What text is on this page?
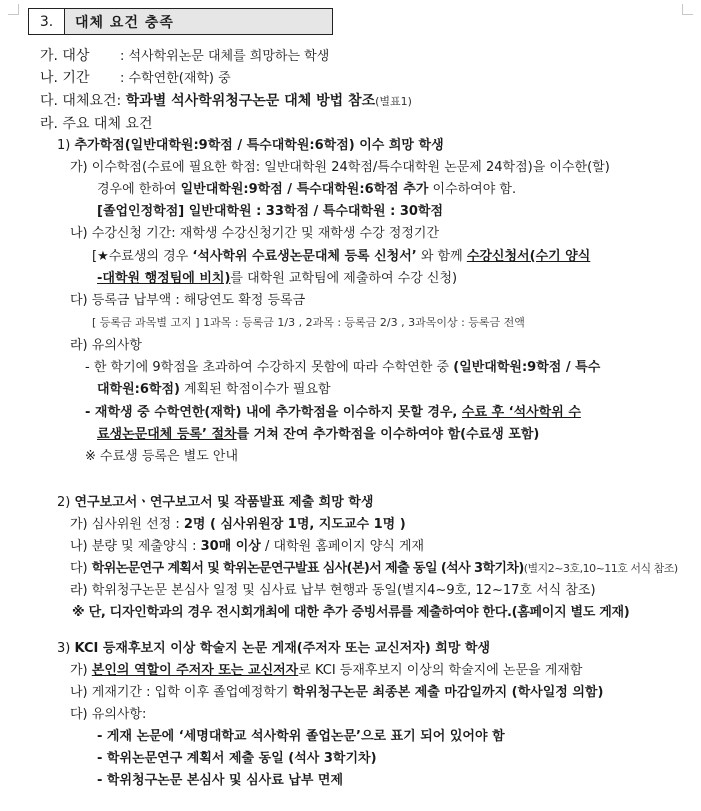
3.	대체 요건 충족
가. 대상 : 석사학위논문 대체를 희망하는 학생
나. 기간 : 수학연한(재학) 중
다. 대체요건: 학과별 석사학위청구논문 대체 방법 참조(별표1)
라. 주요 대체 요건
1) 추가학점(일반대학원:9학점 / 특수대학원:6학점) 이수 희망 학생
가) 이수학점(수료에 필요한 학점: 일반대학원 24학점/특수대학원 논문제 24학점)을 이수한(할)
경우에 한하여 일반대학원:9학점 / 특수대학원:6학점 추가 이수하여야 함.
[졸업인정학점] 일반대학원 : 33학점 / 특수대학원 : 30학점
나) 수강신청 기간: 재학생 수강신청기간 및 재학생 수강 정정기간
[★수료생의 경우 ‘석사학위 수료생논문대체 등록 신청서’ 와 함께 수강신청서(수기 양식
-대학원 행정팀에 비치)를 대학원 교학팀에 제출하여 수강 신청)
다) 등록금 납부액 : 해당연도 확정 등록금
[ 등록금 과목별 고지 ] 1과목 : 등록금 1/3 , 2과목 : 등록금 2/3 , 3과목이상 : 등록금 전액
라) 유의사항
- 한 학기에 9학점을 초과하여 수강하지 못함에 따라 수학연한 중 (일반대학원:9학점 / 특수
대학원:6학점) 계획된 학점이수가 필요함
- 재학생 중 수학연한(재학) 내에 추가학점을 이수하지 못할 경우, 수료 후 ‘석사학위 수
료생논문대체 등록’ 절차를 거쳐 잔여 추가학점을 이수하여야 함(수료생 포함)
※ 수료생 등록은 별도 안내
2) 연구보고서ㆍ연구보고서 및 작품발표 제출 희망 학생
가) 심사위원 선정 : 2명 ( 심사위원장 1명, 지도교수 1명 )
나) 분량 및 제출양식 : 30매 이상 / 대학원 홈페이지 양식 게재
다) 학위논문연구 계획서 및 학위논문연구발표 심사(본)서 제출 동일 (석사 3학기차)(별지2~3호,10~11호 서식 참조)
라) 학위청구논문 본심사 일정 및 심사료 납부 현행과 동일(별지4~9호, 12~17호 서식 참조)
※ 단, 디자인학과의 경우 전시회개최에 대한 추가 증빙서류를 제출하여야 한다.(홈페이지 별도 게재)
3) KCI 등재후보지 이상 학술지 논문 게재(주저자 또는 교신저자) 희망 학생
가) 본인의 역할이 주저자 또는 교신저자로 KCI 등재후보지 이상의 학술지에 논문을 게재함
나) 게재기간 : 입학 이후 졸업예정학기 학위청구논문 최종본 제출 마감일까지 (학사일정 의함)
다) 유의사항:
- 게재 논문에 ‘세명대학교 석사학위 졸업논문’으로 표기 되어 있어야 함
- 학위논문연구 계획서 제출 동일 (석사 3학기차)
- 학위청구논문 본심사 및 심사료 납부 면제
